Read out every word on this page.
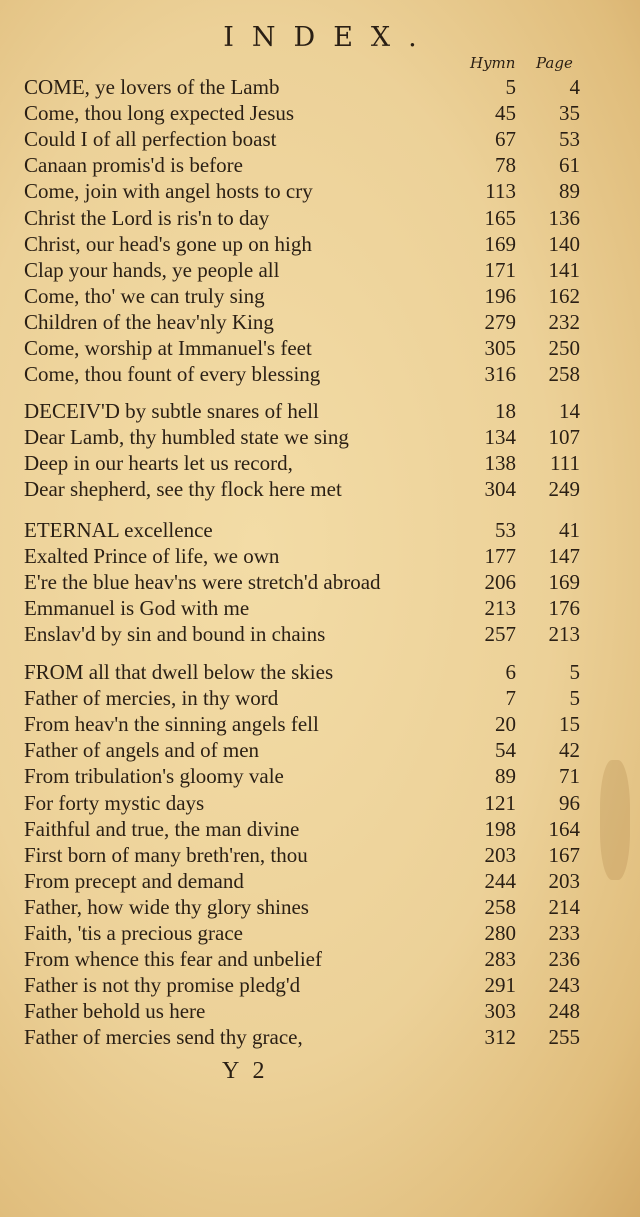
INDEX.
Hymn Page
COME, ye lovers of the Lamb	5	4
Come, thou long expected Jesus	45 35
Could I of all perfection boast	67 53
Canaan promis'd is before	78 61
Come, join with angel hosts to cry	113 89
Christ the Lord is ris'n to day	165 136
Christ, our head's gone up on high	169 140
Clap your hands, ye people all	171 141
Come, tho' we can truly sing	196 162
Children of the heav'nly King	279 232
Come, worship at Immanuel's feet	305 250
Come, thou fount of every blessing	316 258
DECEIV'D by subtle snares of hell	18 14
Dear Lamb, thy humbled state we sing	134 107
Deep in our hearts let us record,	138 111
Dear shepherd, see thy flock here met	304 249
ETERNAL excellence	53 41
Exalted Prince of life, we own	177 147
E're the blue heav'ns were stretch'd abroad	206 169
Emmanuel is God with me	213 176
Enslav'd by sin and bound in chains	257 213
FROM all that dwell below the skies	6	5
Father of mercies, in thy word	7	5
From heav'n the sinning angels fell	20 15
Father of angels and of men	54 42
From tribulation's gloomy vale	89 71
For forty mystic days	121 96
Faithful and true, the man divine	198 164
First born of many breth'ren, thou	203 167
From precept and demand	244 203
Father, how wide thy glory shines	258 214
Faith, 'tis a precious grace	280 233
From whence this fear and unbelief	283 236
Father is not thy promise pledg'd	291 243
Father behold us here	303 248
Father of mercies send thy grace,	312 255
Y 2
